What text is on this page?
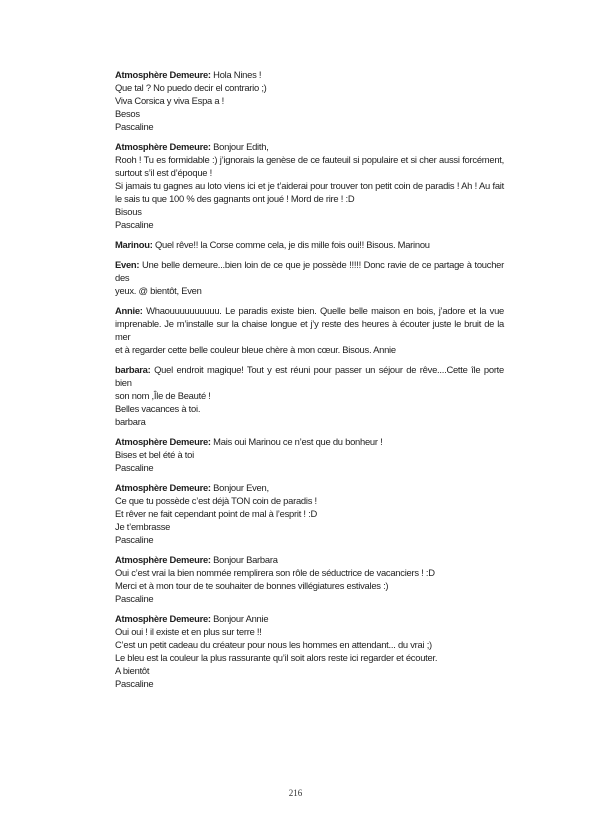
Atmosphère Demeure: Hola Nines !
Que tal ? No puedo decir el contrario ;)
Viva Corsica y viva Espa a !
Besos
Pascaline
Atmosphère Demeure: Bonjour Edith,
Rooh ! Tu es formidable :) j’ignorais la genèse de ce fauteuil si populaire et si cher aussi forcément,
surtout s’il est d’époque !
Si jamais tu gagnes au loto viens ici et je t’aiderai pour trouver ton petit coin de paradis ! Ah ! Au fait
le sais tu que 100 % des gagnants ont joué ! Mord de rire ! :D
Bisous
Pascaline
Marinou: Quel rêve!! la Corse comme cela, je dis mille fois oui!! Bisous. Marinou
Even: Une belle demeure...bien loin de ce que je possède !!!!! Donc ravie de ce partage à toucher des
yeux. @ bientôt, Even
Annie: Whaouuuuuuuuuu. Le paradis existe bien. Quelle belle maison en bois, j’adore et la vue
imprenable. Je m’installe sur la chaise longue et j’y reste des heures à écouter juste le bruit de la mer
et à regarder cette belle couleur bleue chère à mon cœur. Bisous. Annie
barbara: Quel endroit magique! Tout y est réuni pour passer un séjour de rêve....Cette île porte bien
son nom ,Île de Beauté !
Belles vacances à toi.
barbara
Atmosphère Demeure: Mais oui Marinou ce n’est que du bonheur !
Bises et bel été à toi
Pascaline
Atmosphère Demeure: Bonjour Even,
Ce que tu possède c’est déjà TON coin de paradis !
Et rêver ne fait cependant point de mal à l’esprit ! :D
Je t’embrasse
Pascaline
Atmosphère Demeure: Bonjour Barbara
Oui c’est vrai la bien nommée remplirera son rôle de séductrice de vacanciers ! :D
Merci et à mon tour de te souhaiter de bonnes villégiatures estivales :)
Pascaline
Atmosphère Demeure: Bonjour Annie
Oui oui ! il existe et en plus sur terre !!
C’est un petit cadeau du créateur pour nous les hommes en attendant... du vrai ;)
Le bleu est la couleur la plus rassurante qu’il soit alors reste ici regarder et écouter.
A bientôt
Pascaline
216
